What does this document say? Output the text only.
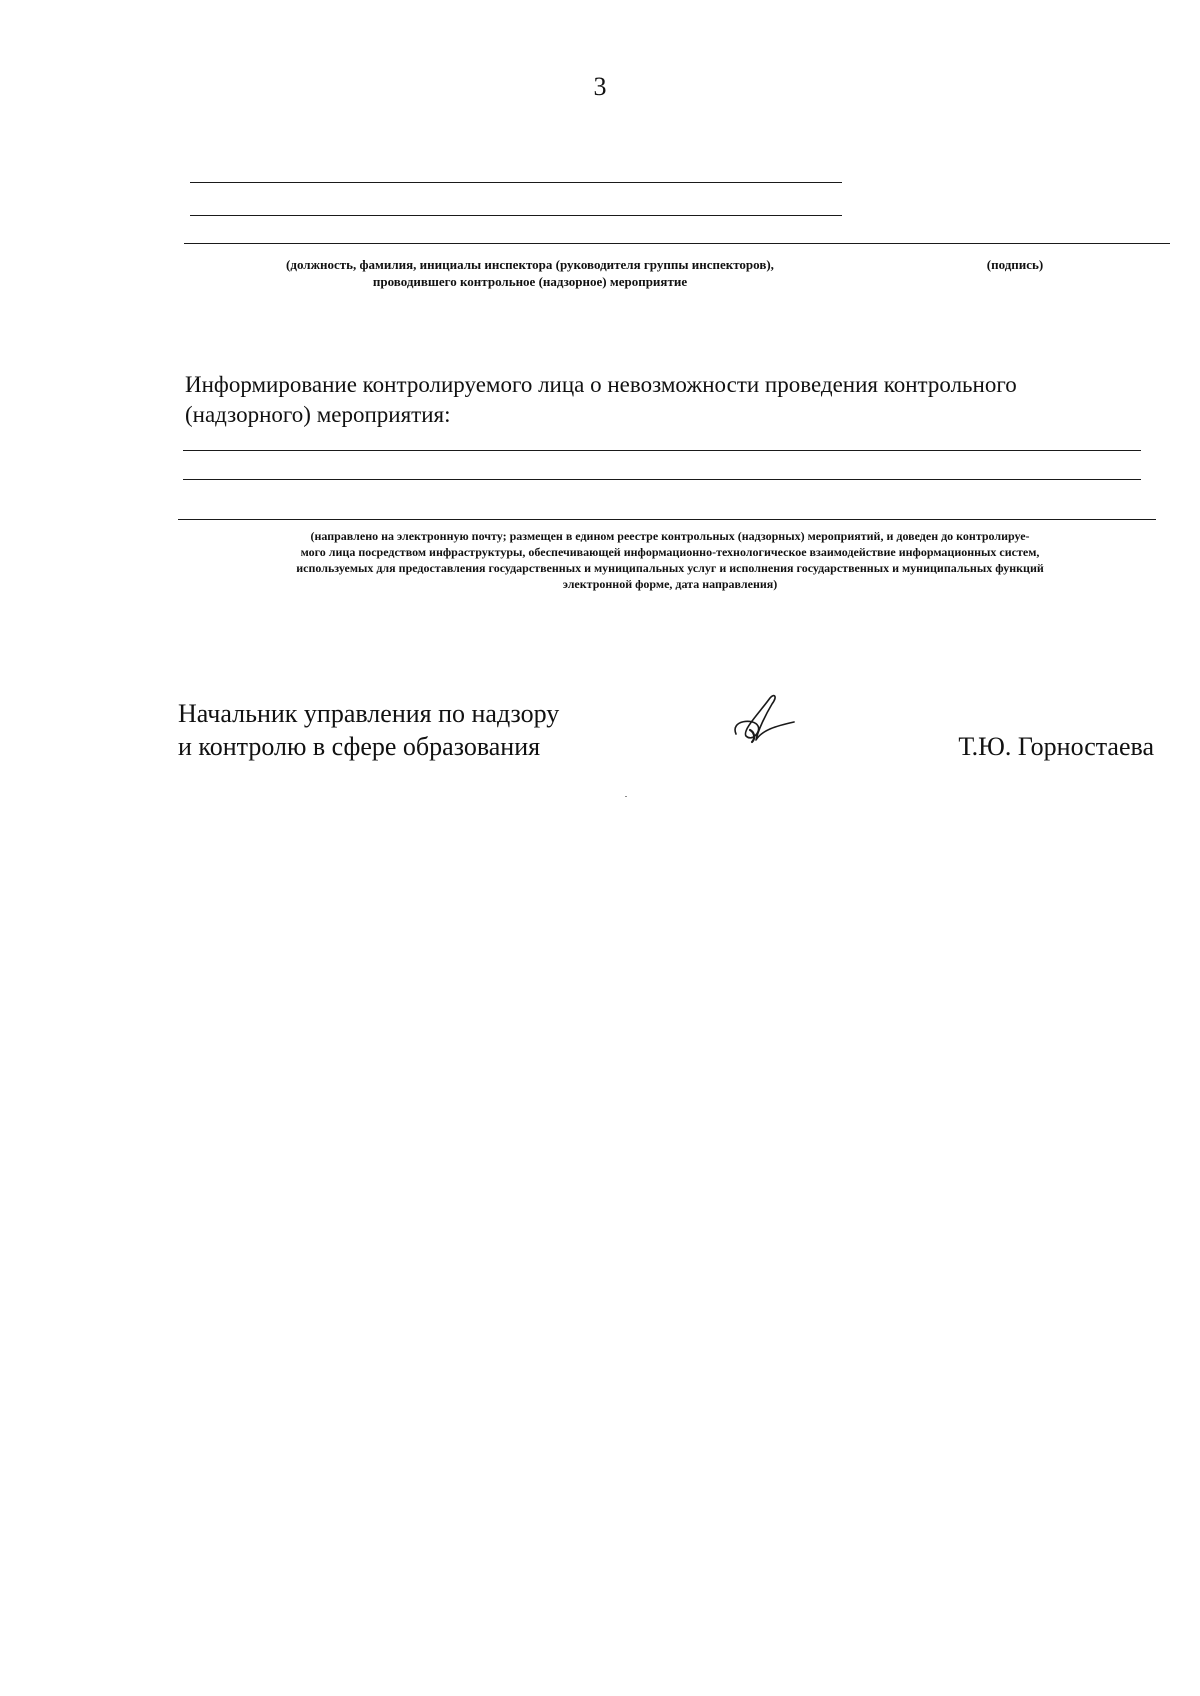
3
(должность, фамилия, инициалы инспектора (руководителя группы инспекторов),
проводившего контрольное (надзорное) мероприятие
(подпись)
Информирование контролируемого лица о невозможности проведения контрольного
(надзорного) мероприятия:
(направлено на электронную почту; размещен в едином реестре контрольных (надзорных) мероприятий, и доведен до контролируе-
мого лица посредством инфраструктуры, обеспечивающей информационно-технологическое взаимодействие информационных систем,
используемых для предоставления государственных и муниципальных услуг и исполнения государственных и муниципальных функций
электронной форме, дата направления)
Начальник управления по надзору
и контролю в сфере образования	Т.Ю. Горностаева
